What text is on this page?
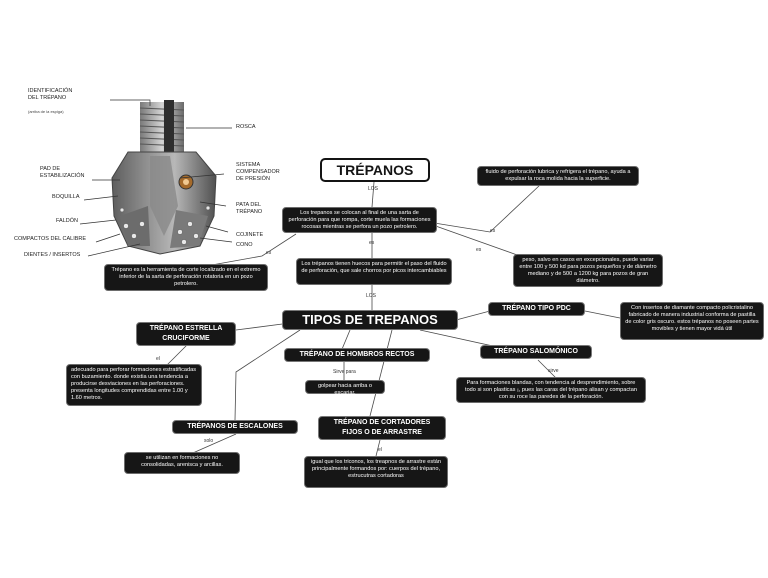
IDENTIFICACIÓN
DEL TRÉPANO
(arriba de la espiga)
ROSCA
PAD DE
ESTABILIZACIÓN
SISTEMA
COMPENSADOR
DE PRESIÓN
BOQUILLA
PATA DEL
TRÉPANO
FALDÓN
COJINETE
COMPACTOS DEL CALIBRE
CONO
DIENTES / INSERTOS
TRÉPANOS
LOS
es
LOS
es
es
es
el
Sirve para	sirve
solo
el
Los trepanos se colocan al final de una sarta de perforación para que rompa, corte muela las formaciones rocosas mientras se perfora un pozo petrolero.
fluido de perforación lubrica y refrigera el trépano, ayuda a expulsar la roca molida hacia la superficie.
Trépano es la herramienta de corte localizado en el extremo inferior de la sarta de perforación rotatoria en un pozo petrolero.
Los trépanos tienen huecos para permitir el paso del fluido de perforación, que sale chorros por picos intercambiables
peso, salvo en casos en excepcionales, puede variar entre 100 y 500 kd para pozos pequeños y de diámetro mediano y de 500 a 1200 kg para pozos de gran diámetro.
Con insertos de diamante compacto policristalino fabricado de manera industrial conforma de pastilla de color gris oscuro. estos trépanos no poseen partes movibles y tienen mayor vidá útil
adecuado para perforar formaciones estratificadas con buzamiento. donde existia una tendencia a producirse desviaciones en las perforaciones. presenta longitudes comprendidas entre 1.00 y 1.60 metros.
golpear hacia arriba o escariar.
Para formaciones blandas, con tendencia al desprendimiento, sobre todo si son plasticas ¡, pues las caras del trépano alisan y compactan con su roce las paredes de la perforación.
se utilizan en formaciones no consolidadas, arenisca y arcillas.	igual que los triconos, los treapnos de arrastre están principalmente formandos por: cuerpos del trépano, estrucutras cortadoras
TIPOS DE TREPANOS
TRÉPANO TIPO PDC
TRÉPANO ESTRELLA
CRUCIFORME
TRÉPANO DE HOMBROS RECTOS	TRÉPANO SALOMÓNICO
TRÉPANOS DE ESCALONES
TRÉPANO DE CORTADORES
FIJOS O DE ARRASTRE
